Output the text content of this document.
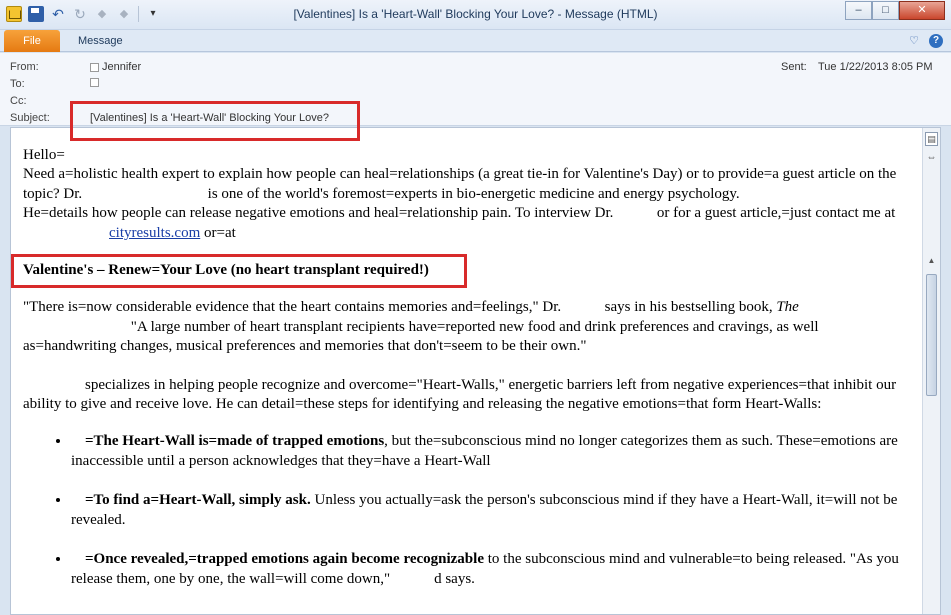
↶ ↻	◆	◆	▾	[Valentines] Is a 'Heart-Wall' Blocking Your Love? - Message (HTML)	–	□	✕
File	Message	♡	?
From:	Jennifer
To:
Cc:
Subject:	[Valentines] Is a 'Heart-Wall' Blocking Your Love?
Sent: Tue 1/22/2013 8:05 PM

Hello=

Need a=holistic health expert to explain how people can heal=relationships (a great tie-in for Valentine's Day) or to provide=a guest article on the topic? Dr.	is one of the world's foremost=experts in bio-energetic medicine and energy psychology.
He=details how people can release negative emotions and heal=relationship pain. To interview Dr.	or for a guest article,=just contact me at cityresults.com or=at

Valentine's – Renew=Your Love (no heart transplant required!)

"There is=now considerable evidence that the heart contains memories and=feelings," Dr.	says in his bestselling book, The
"A large number of heart transplant recipients have=reported new food and drink preferences and cravings, as well as=handwriting changes, musical preferences and memories that don't=seem to be their own."

specializes in helping people recognize and overcome="Heart-Walls," energetic barriers left from negative experiences=that inhibit our ability to give and receive love. He can detail=these steps for identifying and releasing the negative emotions=that form Heart-Walls:

• =The Heart-Wall is=made of trapped emotions, but the=subconscious mind no longer categorizes them as such. These=emotions are inaccessible until a person acknowledges that they=have a Heart-Wall
• =To find a=Heart-Wall, simply ask. Unless you actually=ask the person's subconscious mind if they have a Heart-Wall, it=will not be revealed.
• =Once revealed,=trapped emotions again become recognizable to the subconscious mind and vulnerable=to being released. "As you release them, one by one, the wall=will come down,"	d says.
▤
⇔
▲
